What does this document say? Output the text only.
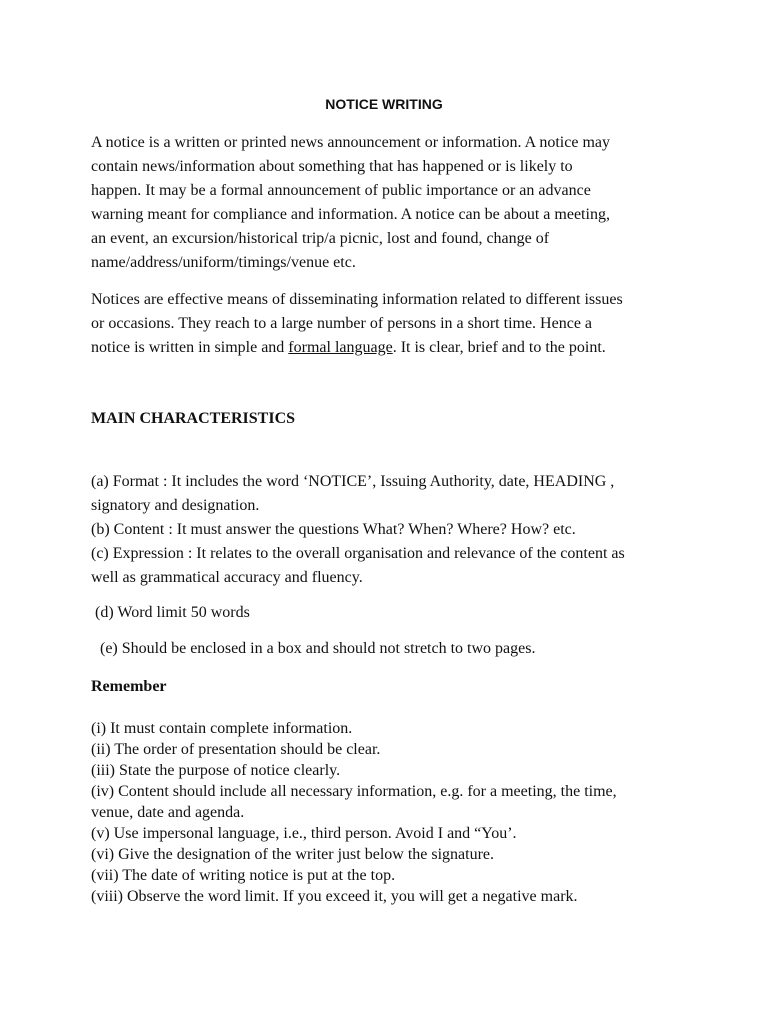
NOTICE WRITING

A notice is a written or printed news announcement or information. A notice may
contain news/information about something that has happened or is likely to
happen. It may be a formal announcement of public importance or an advance
warning meant for compliance and information. A notice can be about a meeting,
an event, an excursion/historical trip/a picnic, lost and found, change of
name/address/uniform/timings/venue etc.

Notices are effective means of disseminating information related to different issues
or occasions. They reach to a large number of persons in a short time. Hence a
notice is written in simple and formal language. It is clear, brief and to the point.

MAIN CHARACTERISTICS
(a) Format : It includes the word ‘NOTICE’, Issuing Authority, date, HEADING ,
signatory and designation.
(b) Content : It must answer the questions What? When? Where? How? etc.
(c) Expression : It relates to the overall organisation and relevance of the content as
well as grammatical accuracy and fluency.

(d) Word limit 50 words

(e) Should be enclosed in a box and should not stretch to two pages.

Remember
(i) It must contain complete information.
(ii) The order of presentation should be clear.
(iii) State the purpose of notice clearly.
(iv) Content should include all necessary information, e.g. for a meeting, the time,
venue, date and agenda.
(v) Use impersonal language, i.e., third person. Avoid I and “You’.
(vi) Give the designation of the writer just below the signature.
(vii) The date of writing notice is put at the top.
(viii) Observe the word limit. If you exceed it, you will get a negative mark.
